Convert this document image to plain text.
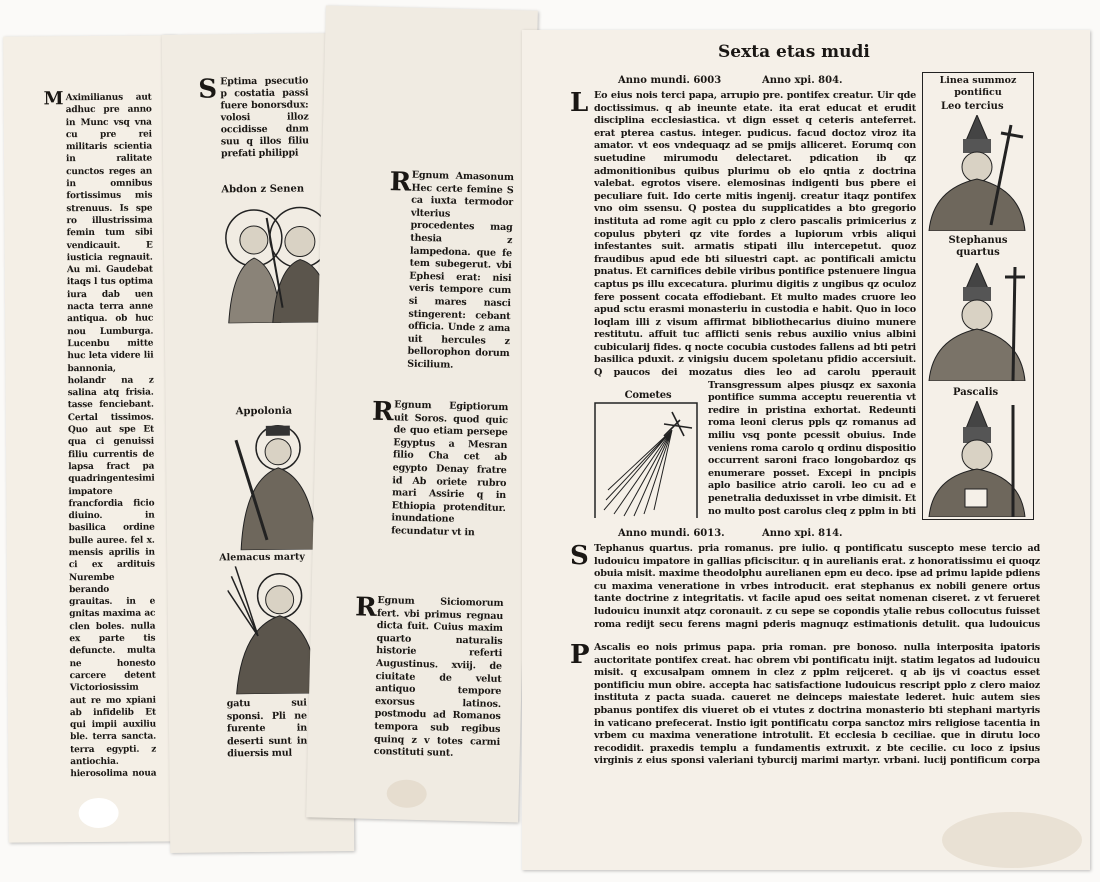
M Aximilianus aut adhuc pre anno in Munc vsq vna cu pre rei militaris scientia in ralitate cunctos reges an in omnibus fortissimus mis strenuus. Is spe ro illustrissima femin tum sibi vendicauit. E iusticia regnauit. Au mi. Gaudebat itaqs l tus optima iura dab uen nacta terra anne antiqua. ob huc nou Lumburga. Lucenbu mitte huc leta videre lii bannonia, holandr na z salina atq frisia. tasse fenciebant. Certal tissimos. Quo aut spe Et qua ci genuissi filiu currentis de lapsa fract pa quadringentesimi impatore francfordia ficio diuino. in basilica ordine bulle auree. fel x. mensis aprilis in ci ex ardituis Nurembe berando grauitas. in e gnitas maxima ac clen boles. nulla ex parte tis defuncte. multa ne honesto carcere detent Victoriosissim aut re mo xpiani ab infidelib Et qui impii auxiliu ble. terra sancta. terra egypti. z antiochia. hierosolima noua
S Eptima psecutio p costatia passi fuere bonorsdux: volosi illoz occidisse dnm suu q illos filiu prefati philippi
Abdon z Senen
Appolonia
Alemacus marty
gatu sui sponsi. Pli ne furente in deserti sunt in diuersis mul
R Egnum Amasonum Hec certe femine S ca iuxta termodor vlterius procedentes mag thesia z lampedona. que fe tem subegerut. vbi Ephesi erat: nisi veris tempore cum si mares nasci stingerent: cebant officia. Unde z ama uit hercules z bellorophon dorum Sicilium.
R Egnum Egiptiorum uit Soros. quod quic de quo etiam persepe Egyptus a Mesran filio Cha cet ab egypto Denay fratre id Ab oriete rubro mari Assirie q in Ethiopia protenditur. inundatione fecundatur vt in
R Egnum Siciomorum fert. vbi primus regnau dicta fuit. Cuius maxim quarto naturalis historie referti Augustinus. xviij. de ciuitate de velut antiquo tempore exorsus latinos. postmodu ad Romanos tempora sub regibus quinq z v totes carmi constituti sunt.
Sexta etas mudi
Anno mundi. 6003	Anno xpi. 804.
L
Cometes
Eo eius nois terci papa, arrupio pre. pontifex creatur. Uir qde doctissimus. q ab ineunte etate. ita erat educat et erudit disciplina ecclesiastica. vt dign esset q ceteris anteferret. erat pterea castus. integer. pudicus. facud doctoz viroz ita amator. vt eos vndequaqz ad se pmijs alliceret. Eorumq con suetudine mirumodu delectaret. pdication ib qz admonitionibus quibus plurimu ob elo qntia z doctrina valebat. egrotos visere. elemosinas indigenti bus pbere ei peculiare fuit. Ido certe mitis ingenij. creatur itaqz pontifex vno oim ssensu. Q postea du supplicatides a bto gregorio instituta ad rome agit cu pplo z clero pascalis primicerius z copulus pbyteri qz vite fordes a lupiorum vrbis aliqui infestantes suit. armatis stipati illu intercepetut. quoz fraudibus apud ede bti siluestri capt. ac pontificali amictu pnatus. Et carnifices debile viribus pontifice pstenuere lingua captus ps illu excecatura. plurimu digitis z ungibus qz oculoz fere possent cocata effodiebant. Et multo mades cruore leo apud sctu erasmi monasteriu in custodia e habit. Quo in loco loqlam illi z visum affirmat bibliothecarius diuino munere restitutu. affuit tuc afflicti senis rebus auxilio vnius albini cubicularij fides. q nocte cocubia custodes fallens ad bti petri basilica pduxit. z vinigsiu ducem spoletanu pfidio accersiuit. Q paucos dei mozatus dies leo ad carolu pperauit Transgressum alpes piusqz ex saxonia pontifice summa acceptu reuerentia vt redire in pristina exhortat. Redeunti roma leoni clerus ppls qz romanus ad miliu vsq ponte pcessit obuius. Inde veniens roma carolo q ordinu dispositio occurrent saroni fraco longobardoz qs enumerare posset. Excepi in pncipis aplo basilice atrio caroli. leo cu ad e penetralia deduxisset in vrbe dimisit. Et no multo post carolus cleq z pplm in bti
Anno mundi. 6013.	Anno xpi. 814.
S Tephanus quartus. pria romanus. pre iulio. q pontificatu suscepto mese tercio ad ludouicu impatore in gallias pficiscitur. q in aurelianis erat. z honoratissimu ei quoqz obuia misit. maxime theodolphu aurelianen epm eu deco. ipse ad primu lapide pdiens cu maxima veneratione in vrbes introducit. erat stephanus ex nobili genere ortus tante doctrine z integritatis. vt facile apud oes seitat nomenan ciseret. z vt ferueret ludouicu inunxit atqz coronauit. z cu sepe se copondis ytalie rebus collocutus fuisset roma redijt secu ferens magni pderis magnuqz estimationis detulit. qua ludouicus
P Ascalis eo nois primus papa. pria roman. pre bonoso. nulla interposita ipatoris auctoritate pontifex creat. hac obrem vbi pontificatu inijt. statim legatos ad ludouicu misit. q excusalpam omnem in clez z pplm reijceret. q ab ijs vi coactus esset pontificiu mun obire. accepta hac satisfactione ludouicus rescript pplo z clero maioz instituta z pacta suada. caueret ne deinceps maiestate lederet. huic autem sies pbanus pontifex dis viueret ob ei vtutes z doctrina monasterio bti stephani martyris in vaticano prefecerat. Instio igit pontificatu corpa sanctoz mirs religiose tacentia in vrbem cu maxima veneratione introtulit. Et ecclesia b ceciliae. que in dirutu loco recodidit. praxedis templu a fundamentis extruxit. z bte cecilie. cu loco z ipsius virginis z eius sponsi valeriani tyburcij marimi martyr. vrbani. lucij pontificum corpa
Linea summoz pontificu
Leo tercius
Stephanus quartus
Pascalis
